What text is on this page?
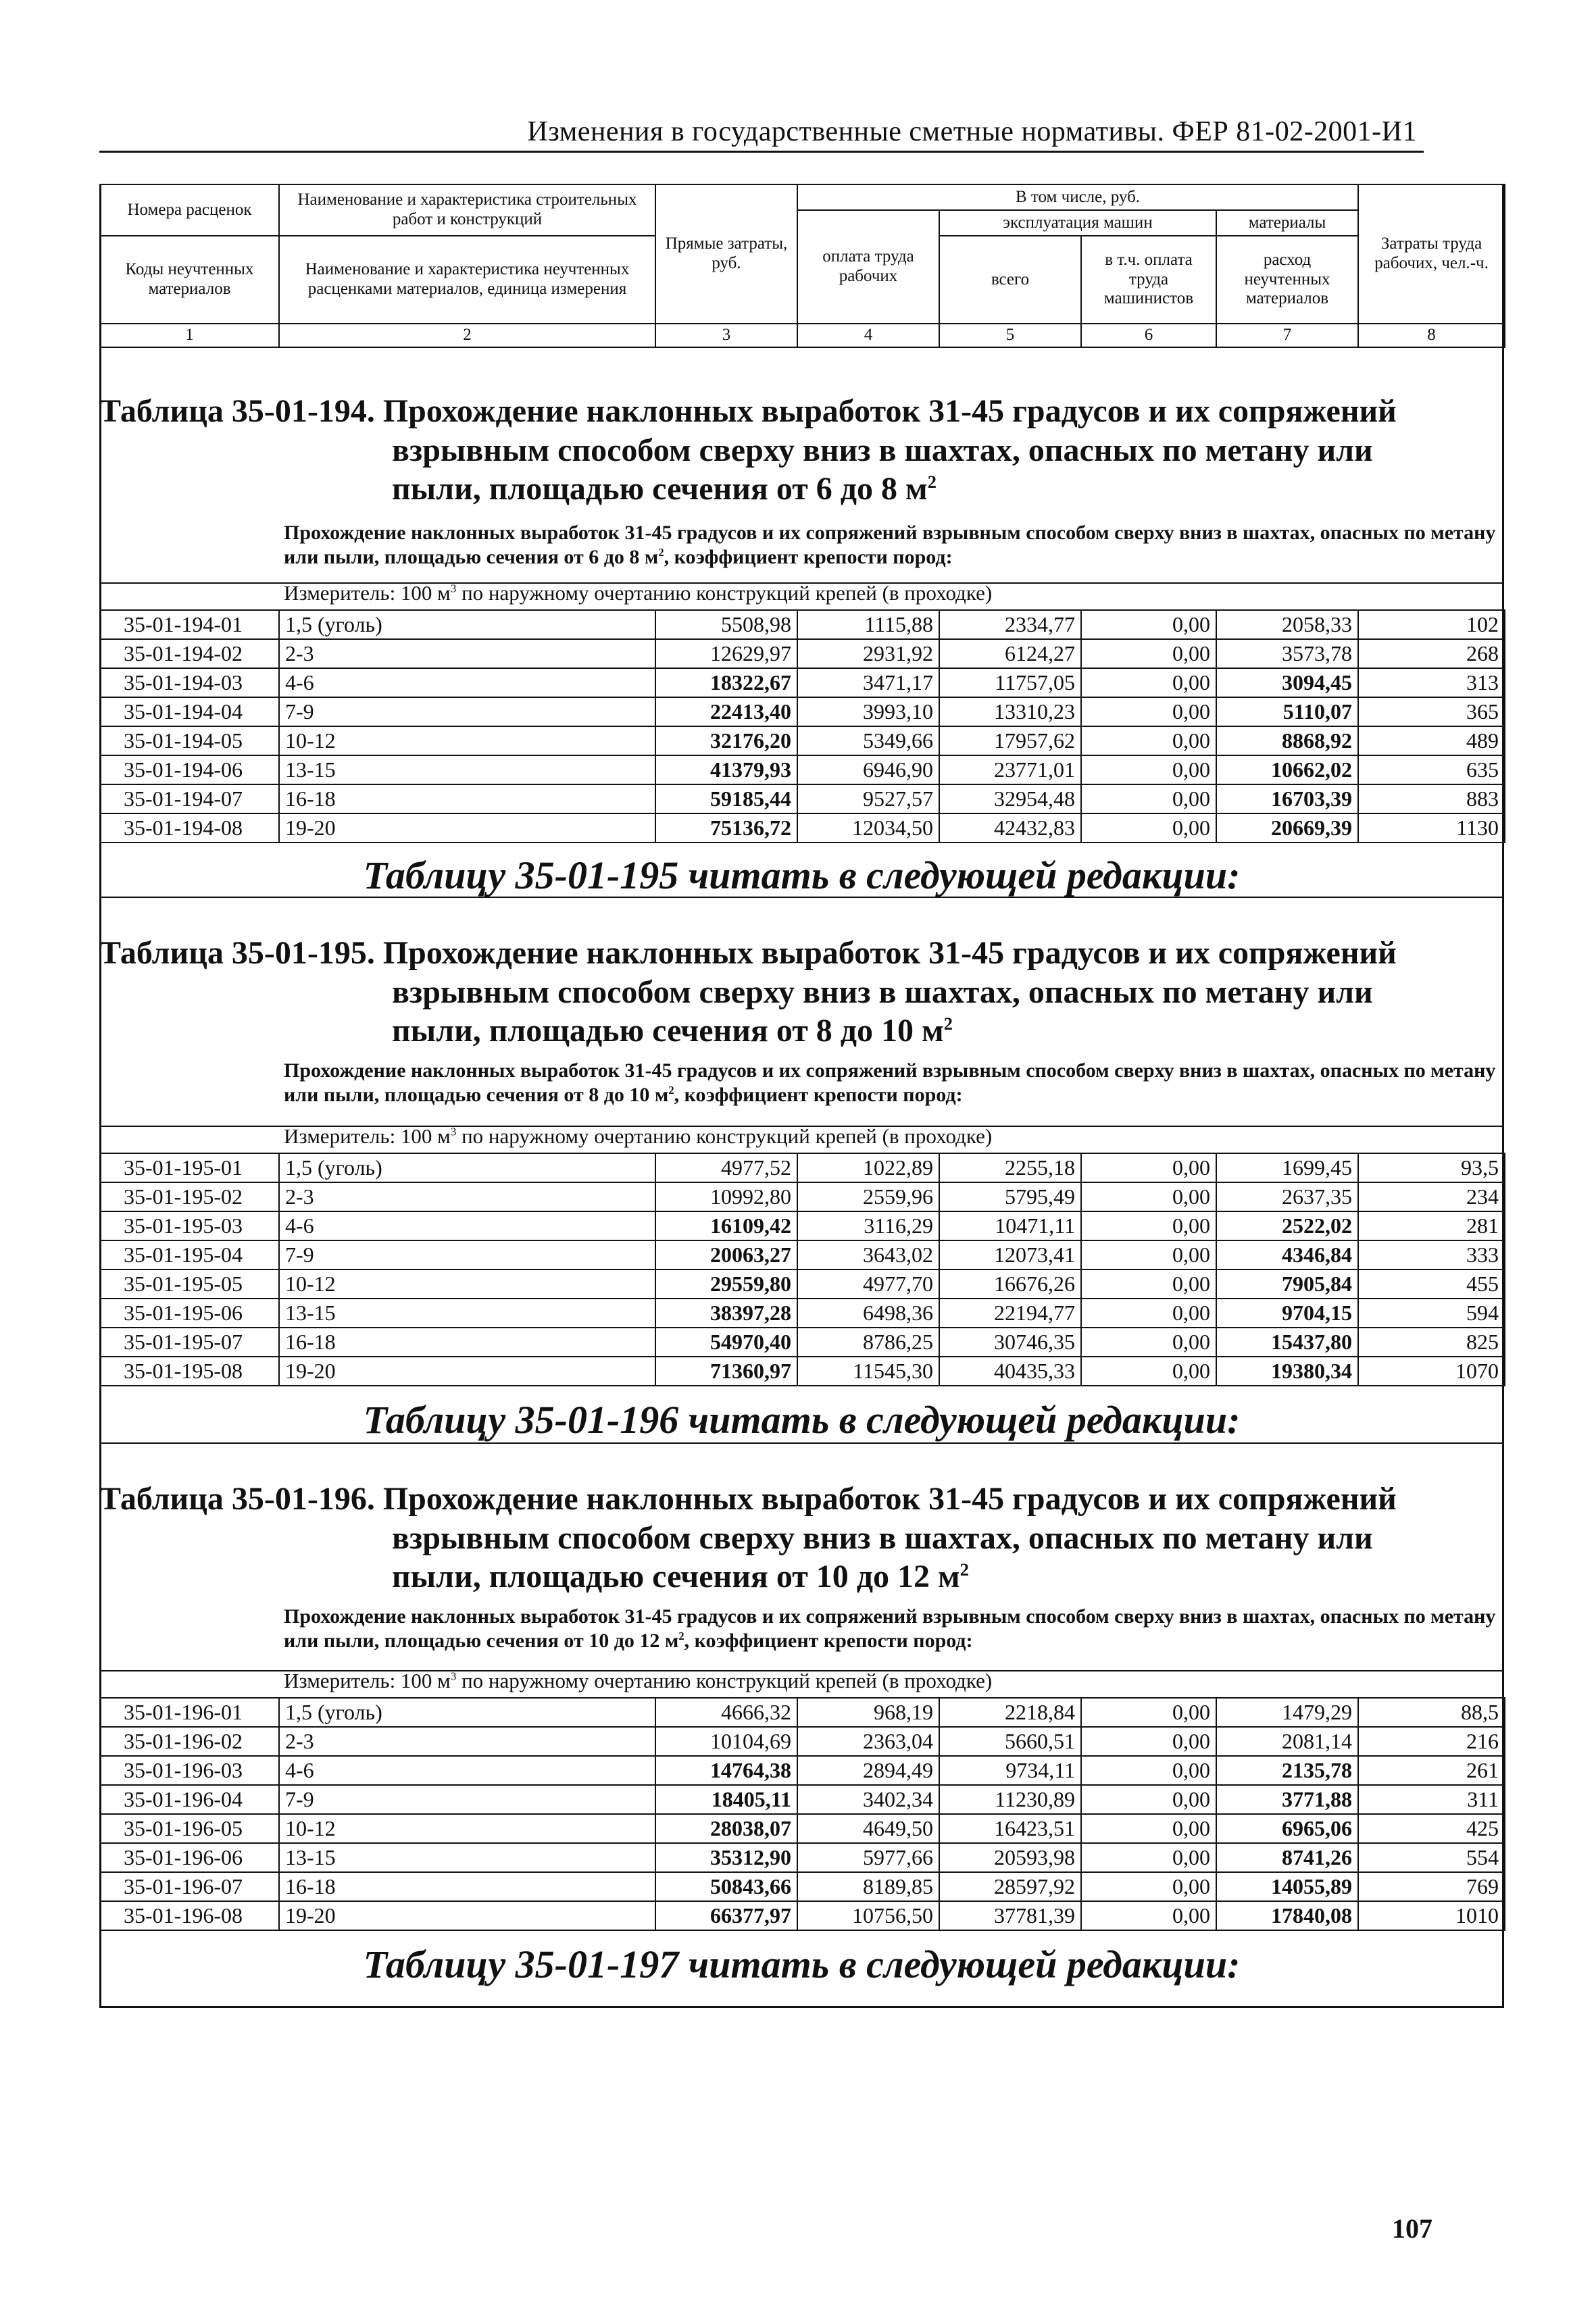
Изменения в государственные сметные нормативы. ФЕР 81-02-2001-И1
Номера расценок	Наименование и характеристика строительных работ и конструкций	Прямые затраты, руб.	В том числе, руб.				Затраты труда рабочих, чел.-ч.
			оплата труда рабочих	эксплуатация машин		материалы	
Коды неучтенных материалов	Наименование и характеристика неучтенных расценками материалов, единица измерения			всего	в т.ч. оплата труда машинистов	расход неучтенных материалов	

1	2	3	4	5	6	7	8
Таблица 35-01-194. Прохождение наклонных выработок 31-45 градусов и их сопряжений
взрывным способом сверху вниз в шахтах, опасных по метану или
пыли, площадью сечения от 6 до 8 $м^2$
Прохождение наклонных выработок 31-45 градусов и их сопряжений взрывным способом сверху вниз в шахтах, опасных по метану или пыли, площадью сечения от 6 до 8 $м^2$, коэффициент крепости пород:
Измеритель: 100 $м^3$ по наружному очертанию конструкций крепей (в проходке)
35-01-194-01	1,5 (уголь)	5508,98	1115,88	2334,77	0,00	2058,33	102
35-01-194-02	2-3	12629,97	2931,92	6124,27	0,00	3573,78	268
35-01-194-03	4-6	18322,67	3471,17	11757,05	0,00	3094,45	313
35-01-194-04	7-9	22413,40	3993,10	13310,23	0,00	5110,07	365
35-01-194-05	10-12	32176,20	5349,66	17957,62	0,00	8868,92	489
35-01-194-06	13-15	41379,93	6946,90	23771,01	0,00	10662,02	635
35-01-194-07	16-18	59185,44	9527,57	32954,48	0,00	16703,39	883
35-01-194-08	19-20	75136,72	12034,50	42432,83	0,00	20669,39	1130
Таблицу 35-01-195 читать в следующей редакции:
Таблица 35-01-195. Прохождение наклонных выработок 31-45 градусов и их сопряжений
взрывным способом сверху вниз в шахтах, опасных по метану или
пыли, площадью сечения от 8 до 10 $м^2$
Прохождение наклонных выработок 31-45 градусов и их сопряжений взрывным способом сверху вниз в шахтах, опасных по метану или пыли, площадью сечения от 8 до 10 $м^2$, коэффициент крепости пород:
Измеритель: 100 $м^3$ по наружному очертанию конструкций крепей (в проходке)
35-01-195-01	1,5 (уголь)	4977,52	1022,89	2255,18	0,00	1699,45	93,5
35-01-195-02	2-3	10992,80	2559,96	5795,49	0,00	2637,35	234
35-01-195-03	4-6	16109,42	3116,29	10471,11	0,00	2522,02	281
35-01-195-04	7-9	20063,27	3643,02	12073,41	0,00	4346,84	333
35-01-195-05	10-12	29559,80	4977,70	16676,26	0,00	7905,84	455
35-01-195-06	13-15	38397,28	6498,36	22194,77	0,00	9704,15	594
35-01-195-07	16-18	54970,40	8786,25	30746,35	0,00	15437,80	825
35-01-195-08	19-20	71360,97	11545,30	40435,33	0,00	19380,34	1070
Таблицу 35-01-196 читать в следующей редакции:
Таблица 35-01-196. Прохождение наклонных выработок 31-45 градусов и их сопряжений
взрывным способом сверху вниз в шахтах, опасных по метану или
пыли, площадью сечения от 10 до 12 $м^2$
Прохождение наклонных выработок 31-45 градусов и их сопряжений взрывным способом сверху вниз в шахтах, опасных по метану или пыли, площадью сечения от 10 до 12 $м^2$, коэффициент крепости пород:
Измеритель: 100 $м^3$ по наружному очертанию конструкций крепей (в проходке)
35-01-196-01	1,5 (уголь)	4666,32	968,19	2218,84	0,00	1479,29	88,5
35-01-196-02	2-3	10104,69	2363,04	5660,51	0,00	2081,14	216
35-01-196-03	4-6	14764,38	2894,49	9734,11	0,00	2135,78	261
35-01-196-04	7-9	18405,11	3402,34	11230,89	0,00	3771,88	311
35-01-196-05	10-12	28038,07	4649,50	16423,51	0,00	6965,06	425
35-01-196-06	13-15	35312,90	5977,66	20593,98	0,00	8741,26	554
35-01-196-07	16-18	50843,66	8189,85	28597,92	0,00	14055,89	769
35-01-196-08	19-20	66377,97	10756,50	37781,39	0,00	17840,08	1010
Таблицу 35-01-197 читать в следующей редакции:
107
